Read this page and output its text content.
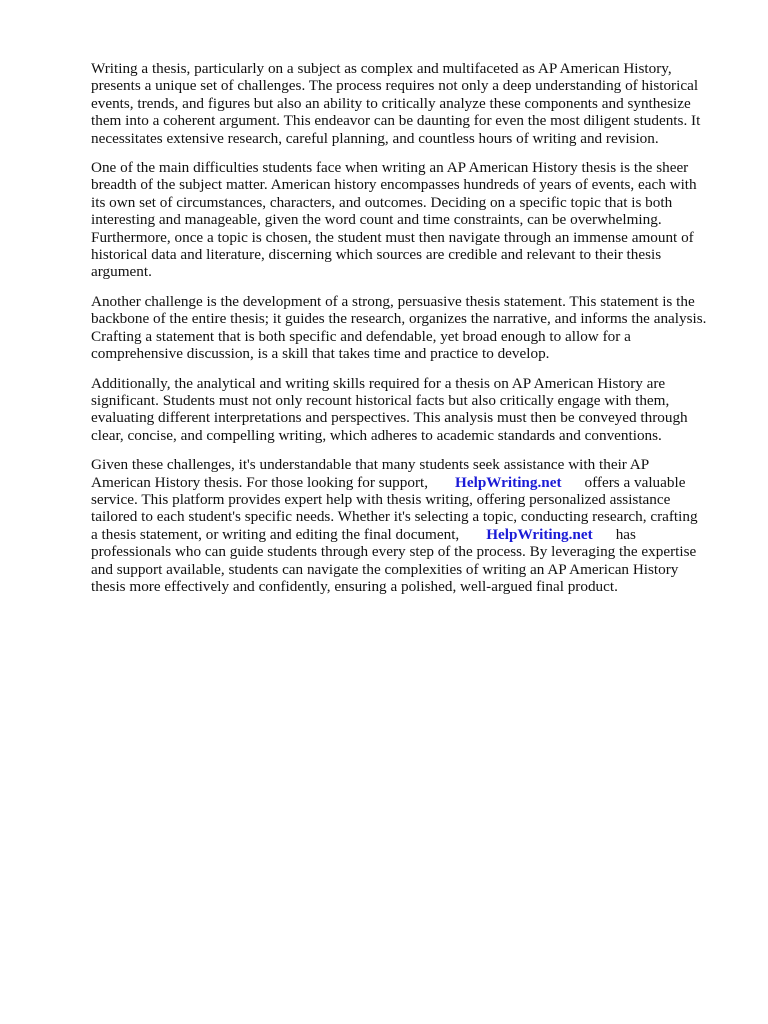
Writing a thesis, particularly on a subject as complex and multifaceted as AP American History,
presents a unique set of challenges. The process requires not only a deep understanding of historical
events, trends, and figures but also an ability to critically analyze these components and synthesize
them into a coherent argument. This endeavor can be daunting for even the most diligent students. It
necessitates extensive research, careful planning, and countless hours of writing and revision.
One of the main difficulties students face when writing an AP American History thesis is the sheer
breadth of the subject matter. American history encompasses hundreds of years of events, each with
its own set of circumstances, characters, and outcomes. Deciding on a specific topic that is both
interesting and manageable, given the word count and time constraints, can be overwhelming.
Furthermore, once a topic is chosen, the student must then navigate through an immense amount of
historical data and literature, discerning which sources are credible and relevant to their thesis
argument.
Another challenge is the development of a strong, persuasive thesis statement. This statement is the
backbone of the entire thesis; it guides the research, organizes the narrative, and informs the analysis.
Crafting a statement that is both specific and defendable, yet broad enough to allow for a
comprehensive discussion, is a skill that takes time and practice to develop.
Additionally, the analytical and writing skills required for a thesis on AP American History are
significant. Students must not only recount historical facts but also critically engage with them,
evaluating different interpretations and perspectives. This analysis must then be conveyed through
clear, concise, and compelling writing, which adheres to academic standards and conventions.
Given these challenges, it's understandable that many students seek assistance with their AP
American History thesis. For those looking for support, HelpWriting.net offers a valuable
service. This platform provides expert help with thesis writing, offering personalized assistance
tailored to each student's specific needs. Whether it's selecting a topic, conducting research, crafting
a thesis statement, or writing and editing the final document, HelpWriting.net has
professionals who can guide students through every step of the process. By leveraging the expertise
and support available, students can navigate the complexities of writing an AP American History
thesis more effectively and confidently, ensuring a polished, well-argued final product.
